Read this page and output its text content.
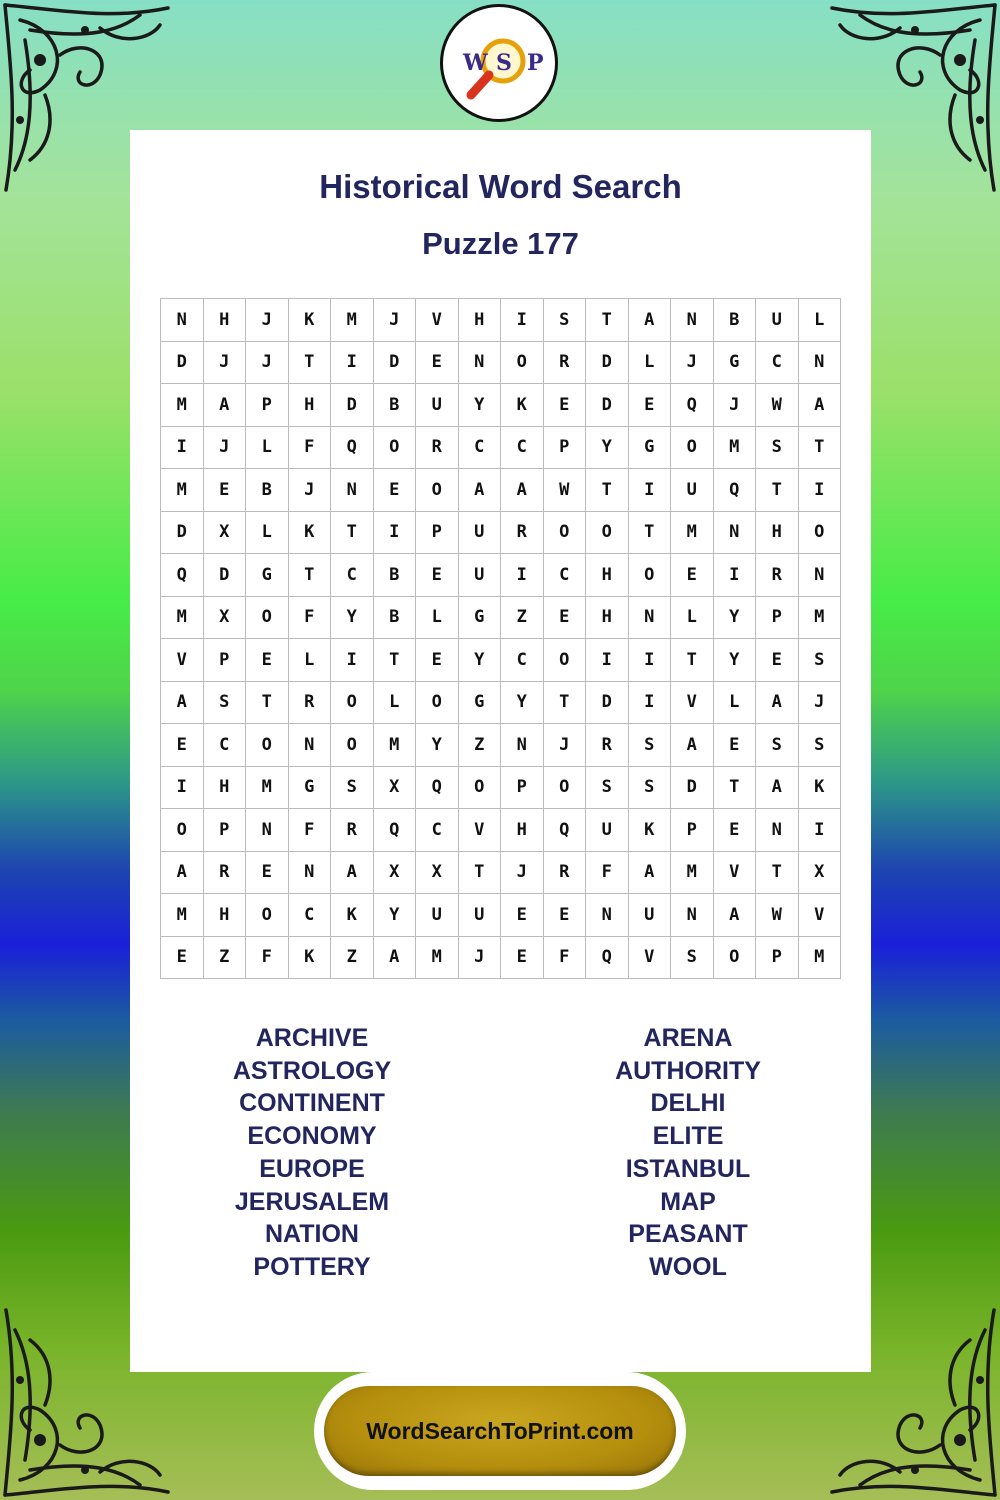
W S P
Historical Word Search
Puzzle 177
N	H	J	K	M	J	V	H	I	S	T	A	N	B	U	L
D	J	J	T	I	D	E	N	O	R	D	L	J	G	C	N
M	A	P	H	D	B	U	Y	K	E	D	E	Q	J	W	A
I	J	L	F	Q	O	R	C	C	P	Y	G	O	M	S	T
M	E	B	J	N	E	O	A	A	W	T	I	U	Q	T	I
D	X	L	K	T	I	P	U	R	O	O	T	M	N	H	O
Q	D	G	T	C	B	E	U	I	C	H	O	E	I	R	N
M	X	O	F	Y	B	L	G	Z	E	H	N	L	Y	P	M
V	P	E	L	I	T	E	Y	C	O	I	I	T	Y	E	S
A	S	T	R	O	L	O	G	Y	T	D	I	V	L	A	J
E	C	O	N	O	M	Y	Z	N	J	R	S	A	E	S	S
I	H	M	G	S	X	Q	O	P	O	S	S	D	T	A	K
O	P	N	F	R	Q	C	V	H	Q	U	K	P	E	N	I
A	R	E	N	A	X	X	T	J	R	F	A	M	V	T	X
M	H	O	C	K	Y	U	U	E	E	N	U	N	A	W	V
E	Z	F	K	Z	A	M	J	E	F	Q	V	S	O	P	M
ARCHIVE
ASTROLOGY
CONTINENT
ECONOMY
EUROPE
JERUSALEM
NATION
POTTERY
ARENA
AUTHORITY
DELHI
ELITE
ISTANBUL
MAP
PEASANT
WOOL
WordSearchToPrint.com
